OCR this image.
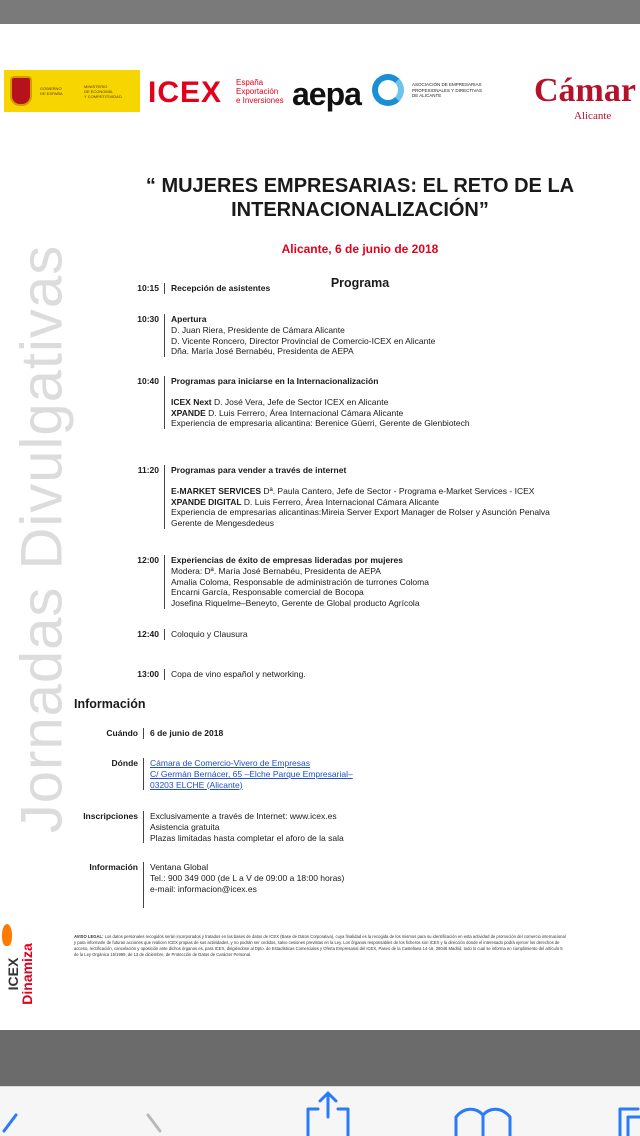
GOBIERNO
DE ESPAÑA
MINISTERIO
DE ECONOMÍA
Y COMPETITIVIDAD ICEX España
Exportación
e Inversiones aepa	ASOCIACIÓN DE EMPRESARIAS
PROFESIONALES Y DIRECTIVAS
DE ALICANTE	Cámar
Alicante
Jornadas Divulgativas
ICEX
Dinamiza
“ MUJERES EMPRESARIAS: EL RETO DE LA
INTERNACIONALIZACIÓN”
Alicante, 6 de junio de 2018
Programa
10:15	Recepción de asistentes
10:30	Apertura
D. Juan Riera, Presidente de Cámara Alicante
D. Vicente Roncero, Director Provincial de Comercio-ICEX en Alicante
Dña. María José Bernabéu, Presidenta de AEPA
10:40	Programas para iniciarse en la Internacionalización
ICEX Next D. José Vera, Jefe de Sector ICEX en Alicante
XPANDE D. Luis Ferrero, Área Internacional Cámara Alicante
Experiencia de empresaria alicantina: Berenice Güerri, Gerente de Glenbiotech
11:20	Programas para vender a través de internet
E-MARKET SERVICES Dª. Paula Cantero, Jefe de Sector - Programa e-Market Services - ICEX
XPANDE DIGITAL D. Luis Ferrero, Área Internacional Cámara Alicante
Experiencia de empresarias alicantinas:Mireia Server Export Manager de Rolser y Asunción Penalva
Gerente de Mengesdedeus
12:00	Experiencias de éxito de empresas lideradas por mujeres
Modera: Dª. María José Bernabéu, Presidenta de AEPA
Amalia Coloma, Responsable de administración de turrones Coloma
Encarni García, Responsable comercial de Bocopa
Josefina Riquelme–Beneyto, Gerente de Global producto Agrícola
12:40	Coloquio y Clausura
13:00	Copa de vino español y networking.
Información
Cuándo	6 de junio de 2018
Dónde	Cámara de Comercio-Vivero de Empresas
C/ Germán Bernácer, 65 –Elche Parque Empresarial–
03203 ELCHE (Alicante)
Inscripciones	Exclusivamente a través de Internet: www.icex.es
Asistencia gratuita
Plazas limitadas hasta completar el aforo de la sala
Información	Ventana Global
Tel.: 900 349 000 (de L a V de 09:00 a 18:00 horas)
e-mail: informacion@icex.es
AVISO LEGAL: Los datos personales recogidos serán incorporados y tratados en las bases de datos de ICEX (Base de Datos Corporativa), cuya finalidad es la recogida de los mismos para su identificación en esta actividad de promoción del comercio internacional y para informarle de futuras acciones que realicen ICEX propias de sus actividades, y no podrán ser cedidos, salvo cesiones previstas en la Ley. Los órganos responsables de los ficheros son ICEX y la dirección donde el interesado podrá ejercer los derechos de acceso, rectificación, cancelación y oposición ante dichos órganos es, para ICEX, dirigiéndose al Dpto. de Estadísticas Comerciales y Oferta Empresarial del ICEX, Paseo de la Castellana 14-16, 28046 Madrid, todo lo cual se informa en cumplimiento del artículo 5 de la Ley Orgánica 15/1999, de 13 de diciembre, de Protección de Datos de Carácter Personal.
